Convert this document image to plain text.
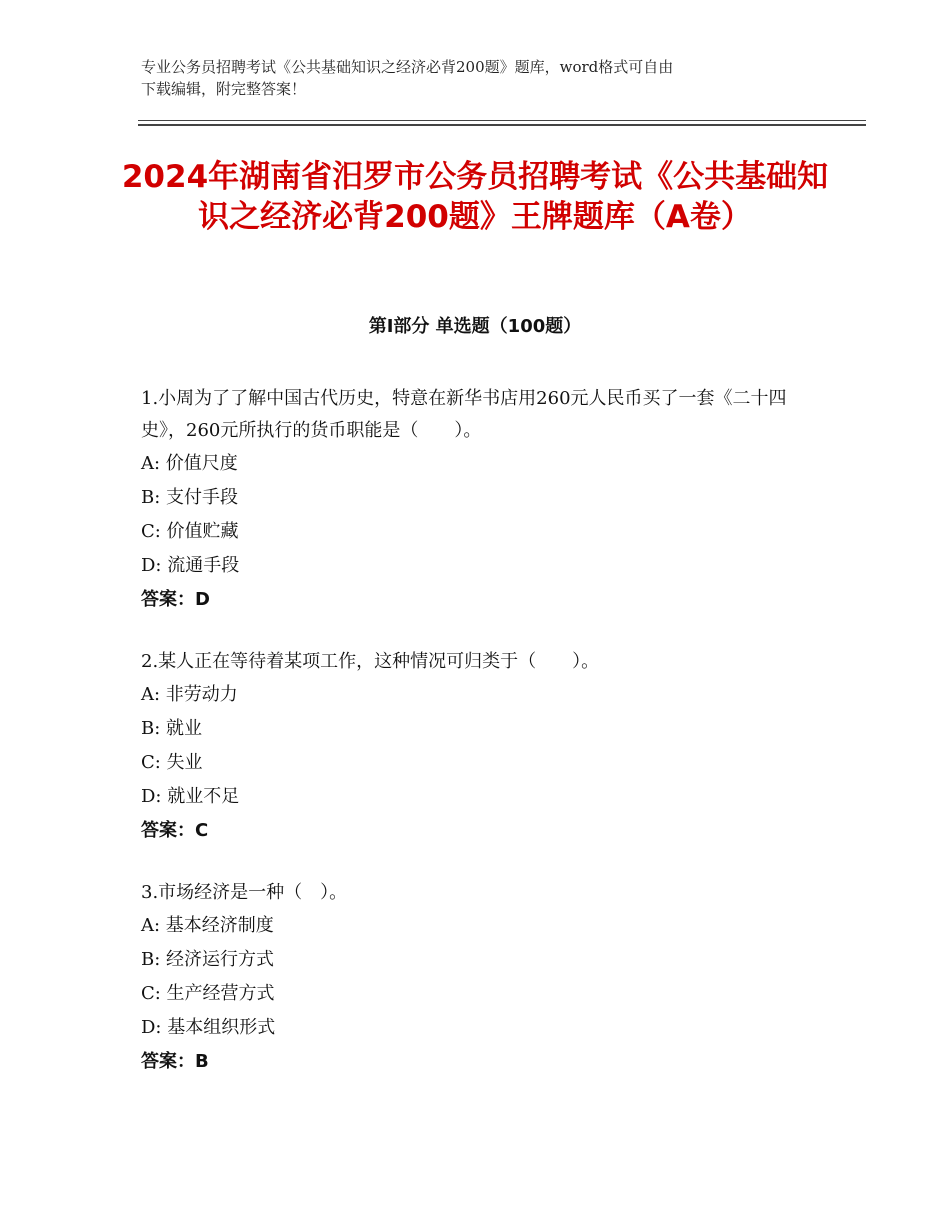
专业公务员招聘考试《公共基础知识之经济必背200题》题库，word格式可自由
下载编辑，附完整答案！
2024年湖南省汨罗市公务员招聘考试《公共基础知识之经济必背200题》王牌题库（A卷）
第I部分 单选题（100题）
1.小周为了了解中国古代历史，特意在新华书店用260元人民币买了一套《二十四史》，260元所执行的货币职能是（　　）。
A: 价值尺度
B: 支付手段
C: 价值贮藏
D: 流通手段
答案：D
2.某人正在等待着某项工作，这种情况可归类于（　　）。
A: 非劳动力
B: 就业
C: 失业
D: 就业不足
答案：C
3.市场经济是一种（　）。
A: 基本经济制度
B: 经济运行方式
C: 生产经营方式
D: 基本组织形式
答案：B
